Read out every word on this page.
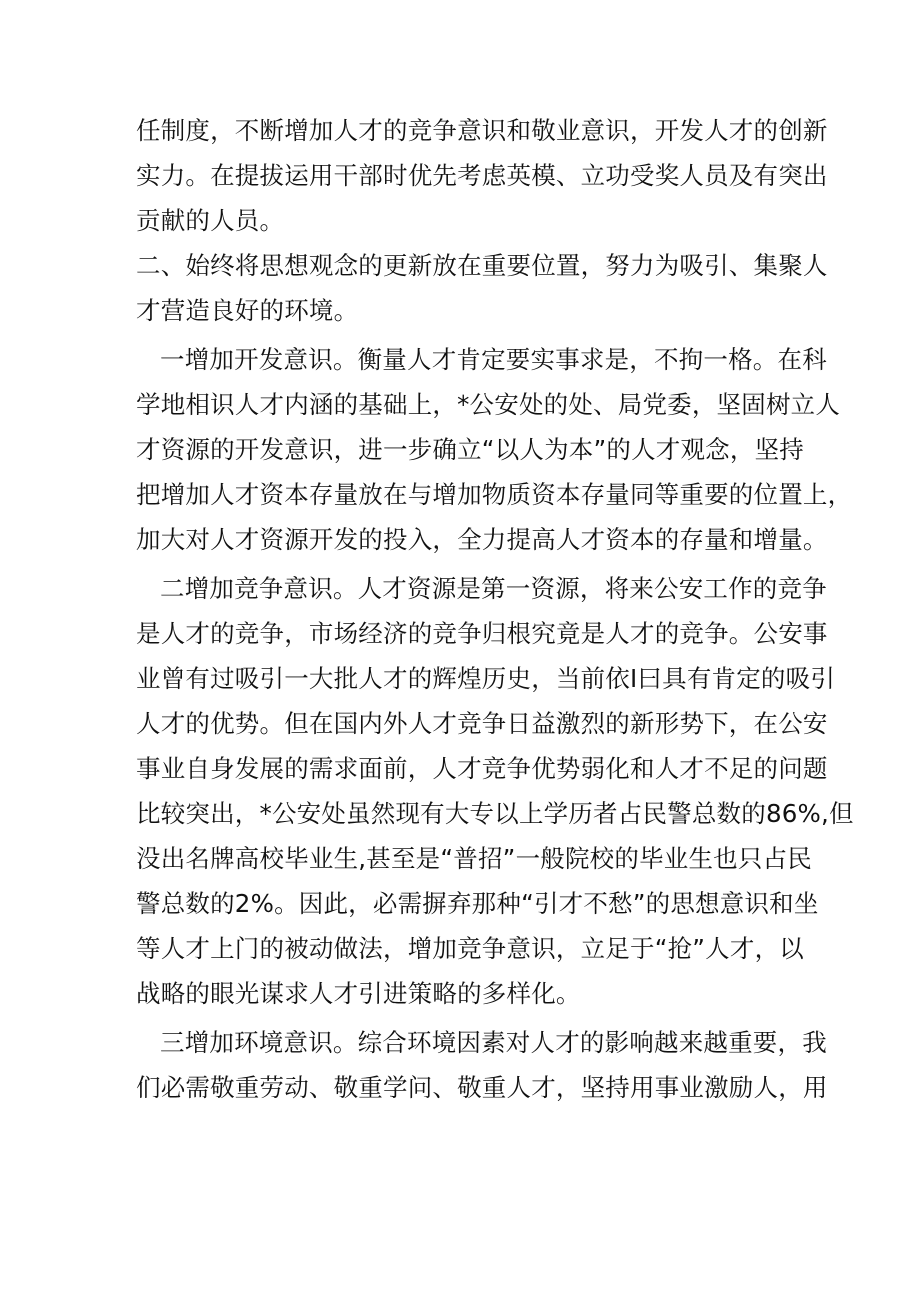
任制度，不断增加人才的竞争意识和敬业意识，开发人才的创新

实力。在提拔运用干部时优先考虑英模、立功受奖人员及有突出

贡献的人员。

二、始终将思想观念的更新放在重要位置，努力为吸引、集聚人

才营造良好的环境。

一增加开发意识。衡量人才肯定要实事求是，不拘一格。在科

学地相识人才内涵的基础上，*公安处的处、局党委，坚固树立人

才资源的开发意识，进一步确立“以人为本”的人才观念，坚持

把增加人才资本存量放在与增加物质资本存量同等重要的位置上，

加大对人才资源开发的投入，全力提高人才资本的存量和增量。

二增加竞争意识。人才资源是第一资源，将来公安工作的竞争

是人才的竞争，市场经济的竞争归根究竟是人才的竞争。公安事

业曾有过吸引一大批人才的辉煌历史，当前依I曰具有肯定的吸引

人才的优势。但在国内外人才竞争日益激烈的新形势下，在公安

事业自身发展的需求面前，人才竞争优势弱化和人才不足的问题

比较突出，*公安处虽然现有大专以上学历者占民警总数的86%,但

没出名牌高校毕业生,甚至是“普招”一般院校的毕业生也只占民

警总数的2%。因此，必需摒弃那种“引才不愁”的思想意识和坐

等人才上门的被动做法，增加竞争意识，立足于“抢”人才，以

战略的眼光谋求人才引进策略的多样化。

三增加环境意识。综合环境因素对人才的影响越来越重要，我

们必需敬重劳动、敬重学问、敬重人才，坚持用事业激励人，用
